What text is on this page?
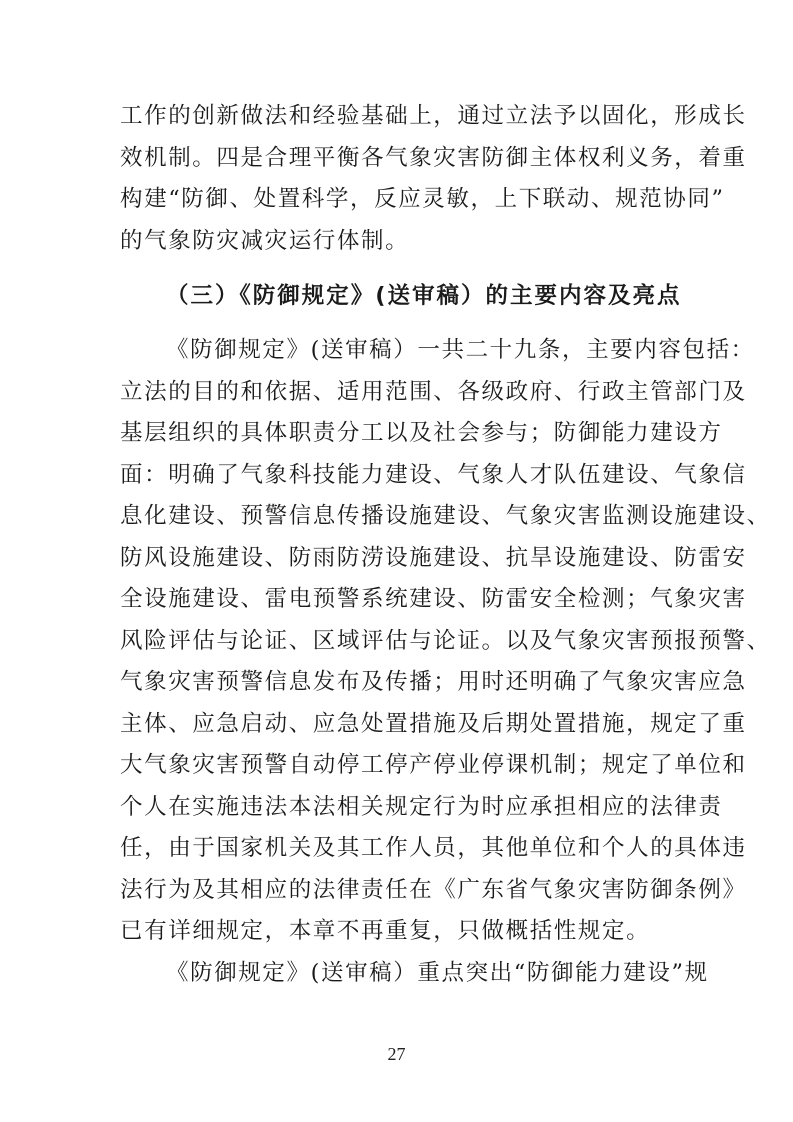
工作的创新做法和经验基础上，通过立法予以固化，形成长
效机制。四是合理平衡各气象灾害防御主体权利义务，着重
构建“防御、处置科学，反应灵敏，上下联动、规范协同”
的气象防灾减灾运行体制。
（三）《防御规定》(送审稿）的主要内容及亮点
《防御规定》(送审稿）一共二十九条，主要内容包括：
立法的目的和依据、适用范围、各级政府、行政主管部门及
基层组织的具体职责分工以及社会参与；防御能力建设方
面：明确了气象科技能力建设、气象人才队伍建设、气象信
息化建设、预警信息传播设施建设、气象灾害监测设施建设、
防风设施建设、防雨防涝设施建设、抗旱设施建设、防雷安
全设施建设、雷电预警系统建设、防雷安全检测；气象灾害
风险评估与论证、区域评估与论证。以及气象灾害预报预警、
气象灾害预警信息发布及传播；用时还明确了气象灾害应急
主体、应急启动、应急处置措施及后期处置措施，规定了重
大气象灾害预警自动停工停产停业停课机制；规定了单位和
个人在实施违法本法相关规定行为时应承担相应的法律责
任，由于国家机关及其工作人员，其他单位和个人的具体违
法行为及其相应的法律责任在《广东省气象灾害防御条例》
已有详细规定，本章不再重复，只做概括性规定。
《防御规定》(送审稿）重点突出“防御能力建设”规
27
